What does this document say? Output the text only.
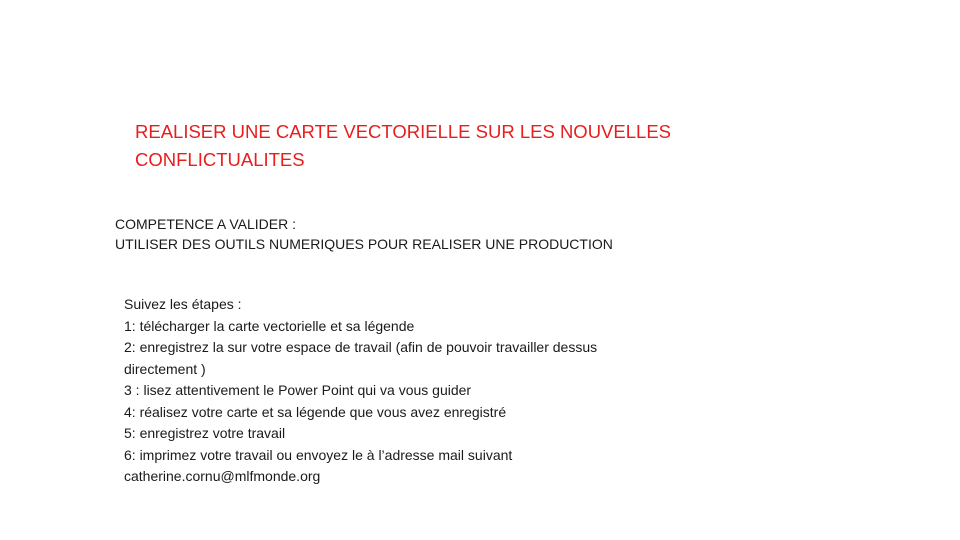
REALISER UNE CARTE VECTORIELLE SUR LES NOUVELLES
CONFLICTUALITES
COMPETENCE A VALIDER :
UTILISER DES OUTILS NUMERIQUES POUR REALISER UNE PRODUCTION
Suivez les étapes :
1: télécharger la carte vectorielle et sa légende
2: enregistrez la sur votre espace de travail (afin de pouvoir travailler dessus
directement )
3 : lisez attentivement le Power Point qui va vous guider
4: réalisez votre carte et sa légende que vous avez enregistré
5: enregistrez votre travail
6: imprimez votre travail ou envoyez le à l’adresse mail suivant
catherine.cornu@mlfmonde.org
